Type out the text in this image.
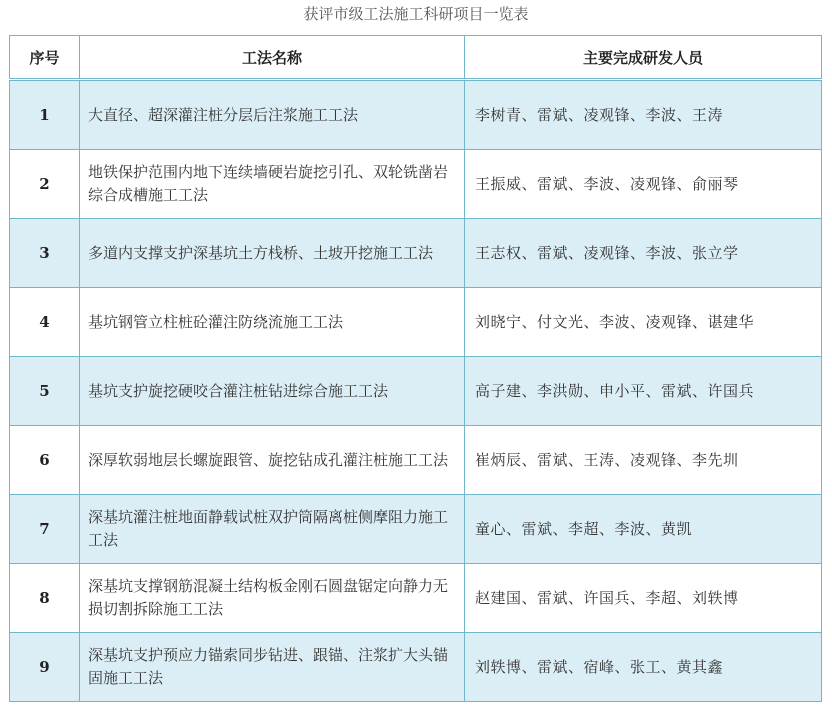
获评市级工法施工科研项目一览表
序号	工法名称	主要完成研发人员
1	大直径、超深灌注桩分层后注浆施工工法	李树青、雷斌、凌观锋、李波、王涛
2	地铁保护范围内地下连续墙硬岩旋挖引孔、双轮铣凿岩综合成槽施工工法	王振威、雷斌、李波、凌观锋、俞丽琴
3	多道内支撑支护深基坑土方栈桥、土坡开挖施工工法	王志权、雷斌、凌观锋、李波、张立学
4	基坑钢管立柱桩砼灌注防绕流施工工法	刘晓宁、付文光、李波、凌观锋、谌建华
5	基坑支护旋挖硬咬合灌注桩钻进综合施工工法	高子建、李洪勋、申小平、雷斌、许国兵
6	深厚软弱地层长螺旋跟管、旋挖钻成孔灌注桩施工工法	崔炳辰、雷斌、王涛、凌观锋、李先圳
7	深基坑灌注桩地面静载试桩双护筒隔离桩侧摩阻力施工工法	童心、雷斌、李超、李波、黄凯
8	深基坑支撑钢筋混凝土结构板金刚石圆盘锯定向静力无损切割拆除施工工法	赵建国、雷斌、许国兵、李超、刘轶博
9	深基坑支护预应力锚索同步钻进、跟锚、注浆扩大头锚固施工工法	刘轶博、雷斌、宿峰、张工、黄其鑫
